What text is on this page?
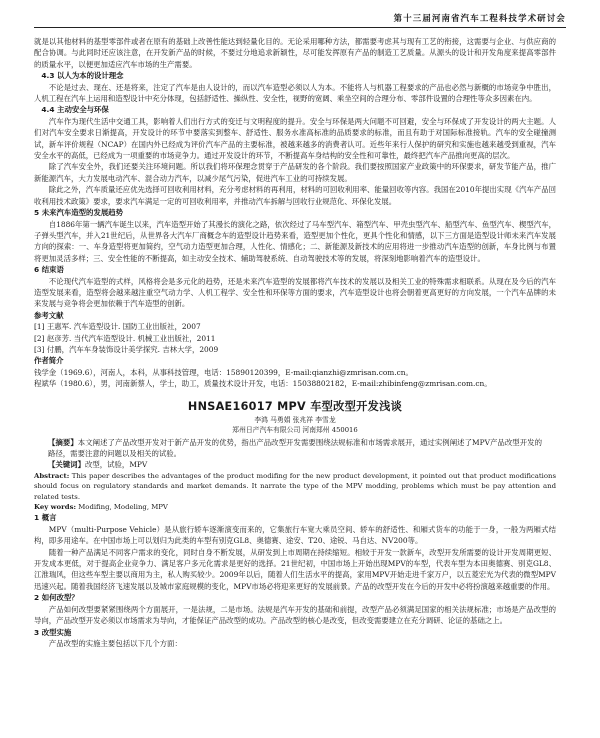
第十三届河南省汽车工程科技学术研讨会

就是以其他材料的基型零部件或者在原有的基础上改善性能达到轻量化目的。无论采用哪种方法，都需要考虑其与现有工艺的衔接，这需要与企业、与供应商的配合协调。与此同时还应该注意，在开发新产品的时候，不要过分地追求新颖性，尽可能发挥原有产品的制造工艺质量。从源头的设计和开发角度来提高零部件的质量水平，以便更加适应汽车市场的生产需要。

4.3 以人为本的设计理念

不论是过去、现在、还是将来，注定了汽车是由人设计的，而以汽车造型必须以人为本。不能将人与机器工程要求的产品也必然与新概的市场竞争中胜出，人机工程在汽车上运用和造型设计中充分体现，包括舒适性、操纵性、安全性，视野的宽阔、乘坐空间的合理分布、零部件设置的合理性等众多因素在内。

4.4 主动安全与环保

汽车作为现代生活中交通工具，影响着人们出行方式的变迁与文明程度的提升。安全与环保是两大问题不可回避，安全与环保成了开发设计的两大主题。人们对汽车安全要求日渐提高，开发设计的环节中要落实到整车、舒适性、服务水准高标准的品质要求的标准，而且有助于对国际标准接轨。汽车的安全碰撞测试，新车评价规程（NCAP）在国内外已经成为评价汽车产品的主要标准，被越来越多的消费者认可。近些年来行人保护的研究和实施也越来越受到重视，汽车安全水平的高低，已经成为一项重要的市场竞争力。通过开发设计的环节，不断提高车身结构的安全性和可靠性，最终把汽车产品推向更高的层次。

除了汽车安全外，我们还要关注环境问题。所以我们将环保理念贯穿于产品研发的各个阶段。我们要按照国家产业政策中的环保要求，研发节能产品，推广新能源汽车，大力发展电动汽车、混合动力汽车，以减少尾气污染，促进汽车工业的可持续发展。

除此之外，汽车质量还应优先选择可回收利用材料，充分考虑材料的再利用，材料的可回收利用率、能量回收等内容。我国在2010年提出实现《汽车产品回收利用技术政策》要求，要求汽车满足一定的可回收利用率，并推动汽车拆解与回收行业规范化、环保化发展。

5 未来汽车造型的发展趋势

自1886年第一辆汽车诞生以来，汽车造型开始了其漫长的演化之路，依次经过了马车型汽车、箱型汽车、甲壳虫型汽车、船型汽车、鱼型汽车、楔型汽车，子弹头型汽车，并入21世纪后，从世界各大汽车厂商概念车的造型设计趋势来看，造型更加个性化，更具个性化和情感，以下三方面是造型设计师未来汽车发展方向的探索：一、车身造型将更加简约，空气动力造型更加合理，人性化、情感化；二、新能源及新技术的应用将进一步推动汽车造型的创新，车身比例与布置将更加灵活多样；三、安全性能的不断提高，如主动安全技术、辅助驾驶系统、自动驾驶技术等的发展，将深刻地影响着汽车的造型设计。

6 结束语

不论现代汽车造型的式样，风格将会是多元化的趋势，还是未来汽车造型的发展都将汽车技术的发展以及相关工业的特殊需求相联系。从现在及今后的汽车造型发展来看，造型将会越来越注重空气动力学、人机工程学、安全性和环保等方面的要求，汽车造型设计也将会朝着更高更好的方向发展，一个汽车品牌的未来发展与竞争将会更加依赖于汽车造型的创新。

参考文献

[1] 王惠军. 汽车造型设计. 国防工业出版社，2007

[2] 赵彦芳. 当代汽车造型设计. 机械工业出版社，2011

[3] 付鹏，汽车车身装饰设计美学探究. 吉林大学，2009

作者简介

钱学金（1969.6），河南人，本科，从事科技管理，电话：15890120399，E-mail:qianzhi@zmrisan.com.cn。

程斌华（1980.6），男，河南新蔡人，学士，助工，质量技术设计开发，电话：15038802182，E-mail:zhibinfeng@zmrisan.com.cn。

HNSAE16017 MPV 车型改型开发浅谈
李鸿 马勇娟 张兆祥 李雪龙
郑州日产汽车有限公司 河南郑州 450016

【摘要】本文阐述了产品改型开发对于新产品开发的优势，指出产品改型开发需要围绕法规标准和市场需求展开，通过实例阐述了MPV产品改型开发的路径，需要注意的问题以及相关的试验。

【关键词】改型，试验，MPV

Abstract: This paper describes the advantages of the product modifing for the new product development, it pointed out that product modifications should focus on regulatory standards and market demands. It narrate the type of the MPV modding, problems which must be pay attention and related tests.

Key words: Modifing, Modeling, MPV

1 概言

MPV（multi-Purpose Vehicle）是从旅行轿车逐渐演变而来的，它集旅行车宽大乘员空间、轿车的舒适性、和厢式货车的功能于一身，一般为两厢式结构，即多用途车。在中国市场上可以划归为此类的车型有别克GL8、奥德赛、途安、T20、途锐、马自达、NV200等。

随着一种产品满足不同客户需求的变化，同时自身不断发展，从研发到上市周期在持续缩短。相较于开发一款新车，改型开发所需要的设计开发周期更短、开发成本更低，对于提高企业竞争力、满足客户多元化需求是更好的选择。21世纪初，中国市场上开始出现MPV的车型，代表车型为本田奥德赛、别克GL8、江淮瑞风，但这些车型主要以商用为主，私人购买较少。2009年以后，随着人们生活水平的提高，家用MPV开始走进千家万户，以五菱宏光为代表的微型MPV迅速兴起。随着我国经济飞速发展以及城市家庭规模的变化，MPV市场必将迎来更好的发展前景。产品的改型开发在今后的开发中必将扮演越来越重要的作用。

2 如何改型？

产品如何改型要紧紧围绕两个方面展开，一是法规，二是市场。法规是汽车开发的基础和前提，改型产品必须满足国家的相关法规标准；市场是产品改型的导向，产品改型开发必须以市场需求为导向，才能保证产品改型的成功。产品改型的核心是改变，但改变需要建立在充分调研、论证的基础之上。

3 改型实施

产品改型的实施主要包括以下几个方面：
